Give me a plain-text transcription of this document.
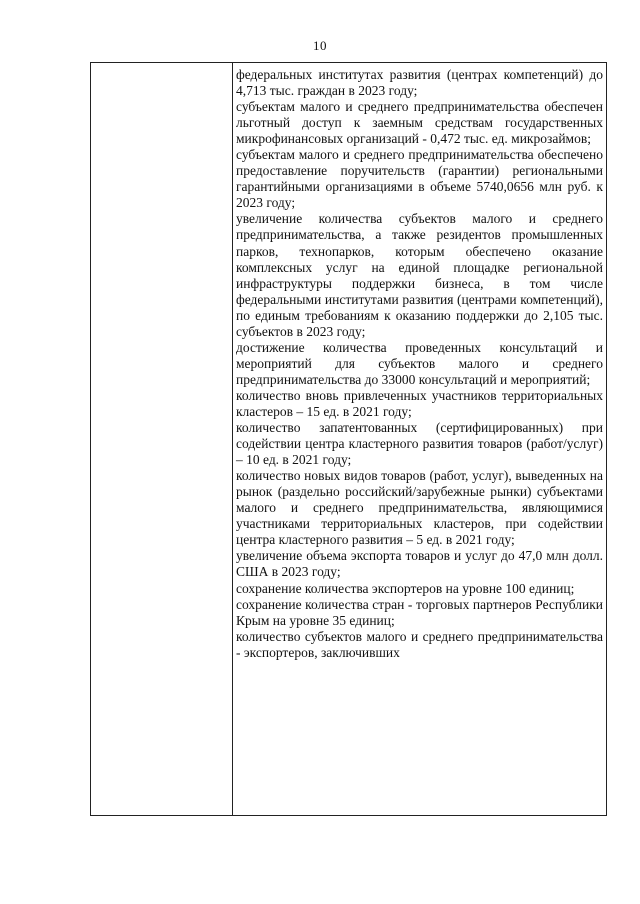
10

федеральных институтах развития (центрах компетенций) до 4,713 тыс. граждан в 2023 году;

субъектам малого и среднего предпринимательства обеспечен льготный доступ к заемным средствам государственных микрофинансовых организаций - 0,472 тыс. ед. микрозаймов;

субъектам малого и среднего предпринимательства обеспечено предоставление поручительств (гарантии) региональными гарантийными организациями в объеме 5740,0656 млн руб. к 2023 году;

увеличение количества субъектов малого и среднего предпринимательства, а также резидентов промышленных парков, технопарков, которым обеспечено оказание комплексных услуг на единой площадке региональной инфраструктуры поддержки бизнеса, в том числе федеральными институтами развития (центрами компетенций), по единым требованиям к оказанию поддержки до 2,105 тыс. субъектов в 2023 году;

достижение количества проведенных консультаций и мероприятий для субъектов малого и среднего предпринимательства до 33000 консультаций и мероприятий;

количество вновь привлеченных участников территориальных кластеров – 15 ед. в 2021 году;

количество запатентованных (сертифицированных) при содействии центра кластерного развития товаров (работ/услуг) – 10 ед. в 2021 году;

количество новых видов товаров (работ, услуг), выведенных на рынок (раздельно российский/зарубежные рынки) субъектами малого и среднего предпринимательства, являющимися участниками территориальных кластеров, при содействии центра кластерного развития – 5 ед. в 2021 году;

увеличение объема экспорта товаров и услуг до 47,0 млн долл. США в 2023 году;

сохранение количества экспортеров на уровне 100 единиц;

сохранение количества стран - торговых партнеров Республики Крым на уровне 35 единиц;

количество субъектов малого и среднего предпринимательства - экспортеров, заключивших
